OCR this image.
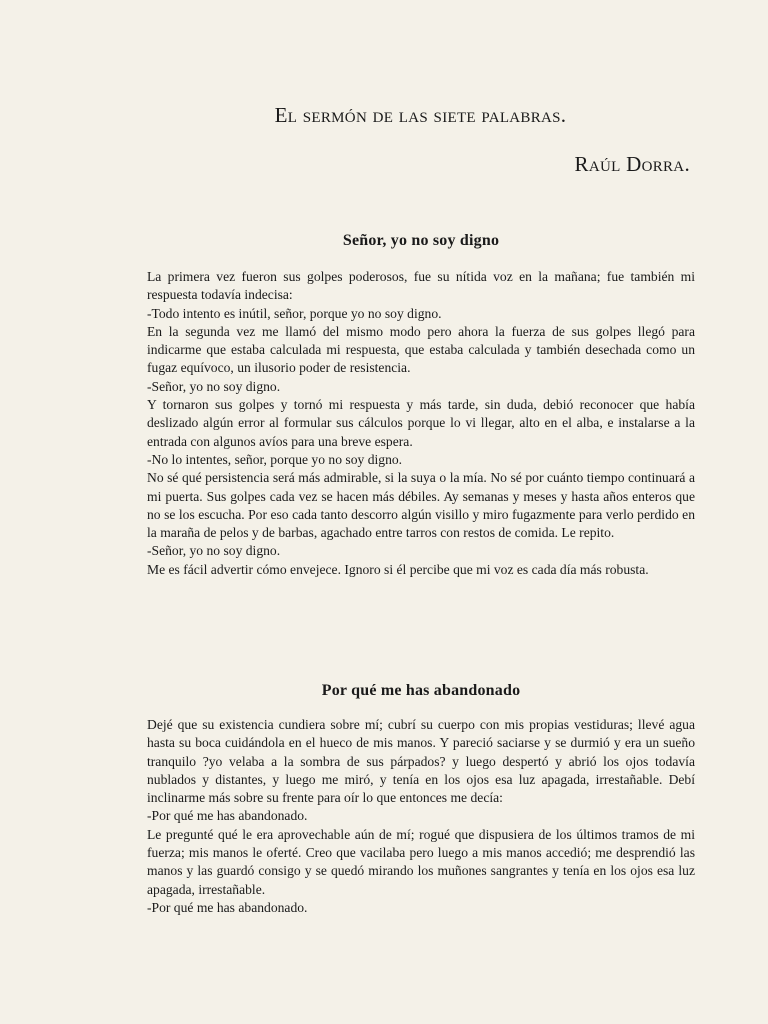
El sermón de las siete palabras.
Raúl Dorra.
Señor, yo no soy digno

La primera vez fueron sus golpes poderosos, fue su nítida voz en la mañana; fue también mi respuesta todavía indecisa:

-Todo intento es inútil, señor, porque yo no soy digno.

En la segunda vez me llamó del mismo modo pero ahora la fuerza de sus golpes llegó para indicarme que estaba calculada mi respuesta, que estaba calculada y también desechada como un fugaz equívoco, un ilusorio poder de resistencia.

-Señor, yo no soy digno.

Y tornaron sus golpes y tornó mi respuesta y más tarde, sin duda, debió reconocer que había deslizado algún error al formular sus cálculos porque lo vi llegar, alto en el alba, e instalarse a la entrada con algunos avíos para una breve espera.

-No lo intentes, señor, porque yo no soy digno.

No sé qué persistencia será más admirable, si la suya o la mía. No sé por cuánto tiempo continuará a mi puerta. Sus golpes cada vez se hacen más débiles. Ay semanas y meses y hasta años enteros que no se los escucha. Por eso cada tanto descorro algún visillo y miro fugazmente para verlo perdido en la maraña de pelos y de barbas, agachado entre tarros con restos de comida. Le repito.

-Señor, yo no soy digno.

Me es fácil advertir cómo envejece. Ignoro si él percibe que mi voz es cada día más robusta.

Por qué me has abandonado

Dejé que su existencia cundiera sobre mí; cubrí su cuerpo con mis propias vestiduras; llevé agua hasta su boca cuidándola en el hueco de mis manos. Y pareció saciarse y se durmió y era un sueño tranquilo ?yo velaba a la sombra de sus párpados? y luego despertó y abrió los ojos todavía nublados y distantes, y luego me miró, y tenía en los ojos esa luz apagada, irrestañable. Debí inclinarme más sobre su frente para oír lo que entonces me decía:

-Por qué me has abandonado.

Le pregunté qué le era aprovechable aún de mí; rogué que dispusiera de los últimos tramos de mi fuerza; mis manos le oferté. Creo que vacilaba pero luego a mis manos accedió; me desprendió las manos y las guardó consigo y se quedó mirando los muñones sangrantes y tenía en los ojos esa luz apagada, irrestañable.

-Por qué me has abandonado.
